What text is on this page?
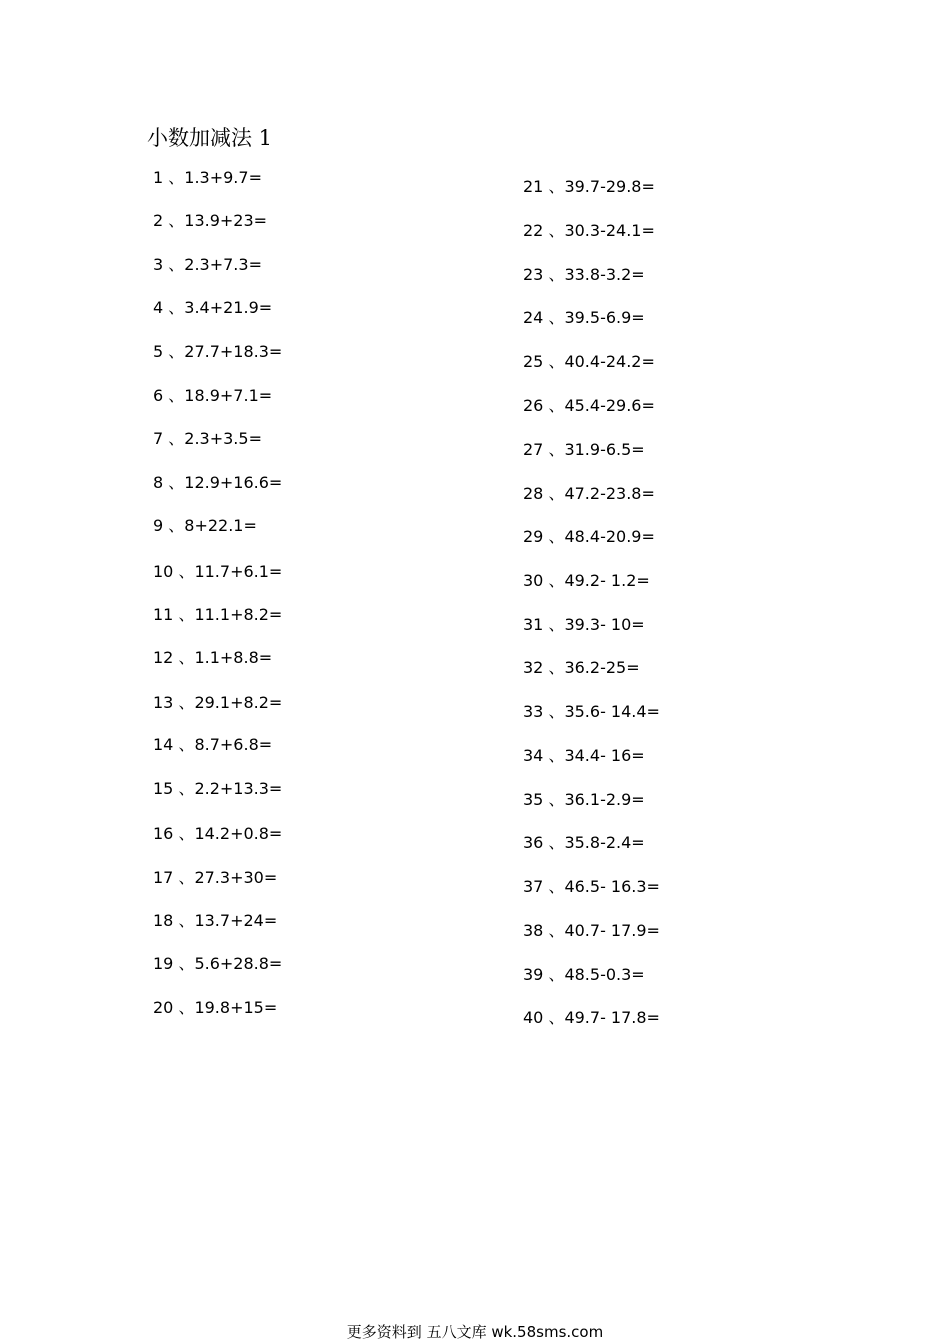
小数加减法 1
1 、1.3+9.7=
2 、13.9+23=
3 、2.3+7.3=
4 、3.4+21.9=
5 、27.7+18.3=
6 、18.9+7.1=
7 、2.3+3.5=
8 、12.9+16.6=
9 、8+22.1=
10 、11.7+6.1=
11 、11.1+8.2=
12 、1.1+8.8=
13 、29.1+8.2=
14 、8.7+6.8=
15 、2.2+13.3=
16 、14.2+0.8=
17 、27.3+30=
18 、13.7+24=
19 、5.6+28.8=
20 、19.8+15=
21 、39.7-29.8=
22 、30.3-24.1=
23 、33.8-3.2=
24 、39.5-6.9=
25 、40.4-24.2=
26 、45.4-29.6=
27 、31.9-6.5=
28 、47.2-23.8=
29 、48.4-20.9=
30 、49.2- 1.2=
31 、39.3- 10=
32 、36.2-25=
33 、35.6- 14.4=
34 、34.4- 16=
35 、36.1-2.9=
36 、35.8-2.4=
37 、46.5- 16.3=
38 、40.7- 17.9=
39 、48.5-0.3=
40 、49.7- 17.8=
更多资料到 五八文库 wk.58sms.com
